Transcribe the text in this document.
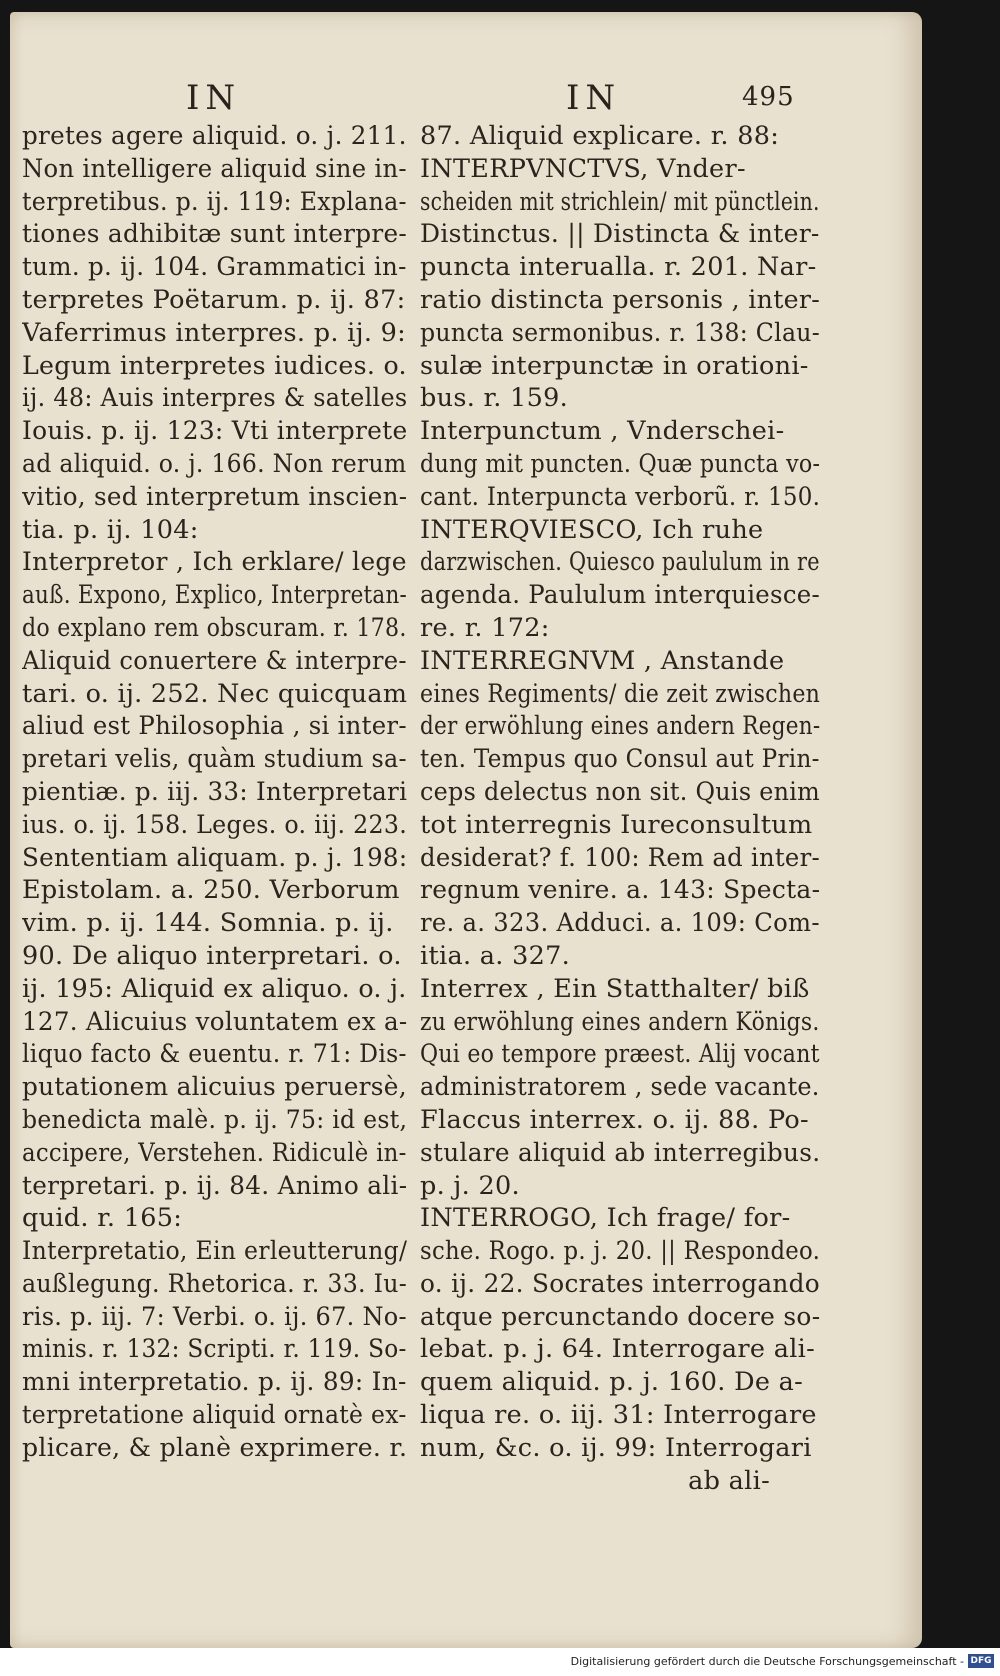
IN	IN	495
pretes agere aliquid. o. j. 211.
Non intelligere aliquid sine in-
terpretibus. p. ij. 119: Explana-
tiones adhibitæ sunt interpre-
tum. p. ij. 104. Grammatici in-
terpretes Poëtarum. p. ij. 87:
Vaferrimus interpres. p. ij. 9:
Legum interpretes iudices. o.
ij. 48: Auis interpres & satelles
Iouis. p. ij. 123: Vti interprete
ad aliquid. o. j. 166. Non rerum
vitio, sed interpretum inscien-
tia. p. ij. 104:
Interpretor , Ich erklare/ lege
auß. Expono, Explico, Interpretan-
do explano rem obscuram. r. 178.
Aliquid conuertere & interpre-
tari. o. ij. 252. Nec quicquam
aliud est Philosophia , si inter-
pretari velis, quàm studium sa-
pientiæ. p. iij. 33: Interpretari
ius. o. ij. 158. Leges. o. iij. 223.
Sententiam aliquam. p. j. 198:
Epistolam. a. 250. Verborum
vim. p. ij. 144. Somnia. p. ij.
90. De aliquo interpretari. o.
ij. 195: Aliquid ex aliquo. o. j.
127. Alicuius voluntatem ex a-
liquo facto & euentu. r. 71: Dis-
putationem alicuius peruersè,
benedicta malè. p. ij. 75: id est,
accipere, Verstehen. Ridiculè in-
terpretari. p. ij. 84. Animo ali-
quid. r. 165:
Interpretatio, Ein erleutterung/
außlegung. Rhetorica. r. 33. Iu-
ris. p. iij. 7: Verbi. o. ij. 67. No-
minis. r. 132: Scripti. r. 119. So-
mni interpretatio. p. ij. 89: In-
terpretatione aliquid ornatè ex-
plicare, & planè exprimere. r.
87. Aliquid explicare. r. 88:
INTERPVNCTVS, Vnder-
scheiden mit strichlein/ mit pünctlein.
Distinctus. || Distincta & inter-
puncta interualla. r. 201. Nar-
ratio distincta personis , inter-
puncta sermonibus. r. 138: Clau-
sulæ interpunctæ in orationi-
bus. r. 159.
Interpunctum , Vnderschei-
dung mit puncten. Quæ puncta vo-
cant. Interpuncta verborũ. r. 150.
INTERQVIESCO, Ich ruhe
darzwischen. Quiesco paululum in re
agenda. Paululum interquiesce-
re. r. 172:
INTERREGNVM , Anstande
eines Regiments/ die zeit zwischen
der erwöhlung eines andern Regen-
ten. Tempus quo Consul aut Prin-
ceps delectus non sit. Quis enim
tot interregnis Iureconsultum
desiderat? f. 100: Rem ad inter-
regnum venire. a. 143: Specta-
re. a. 323. Adduci. a. 109: Com-
itia. a. 327.
Interrex , Ein Statthalter/ biß
zu erwöhlung eines andern Königs.
Qui eo tempore præest. Alij vocant
administratorem , sede vacante.
Flaccus interrex. o. ij. 88. Po-
stulare aliquid ab interregibus.
p. j. 20.
INTERROGO, Ich frage/ for-
sche. Rogo. p. j. 20. || Respondeo.
o. ij. 22. Socrates interrogando
atque percunctando docere so-
lebat. p. j. 64. Interrogare ali-
quem aliquid. p. j. 160. De a-
liqua re. o. iij. 31: Interrogare
num, &c. o. ij. 99: Interrogari
ab ali-
Digitalisierung gefördert durch die Deutsche Forschungsgemeinschaft - DFG
